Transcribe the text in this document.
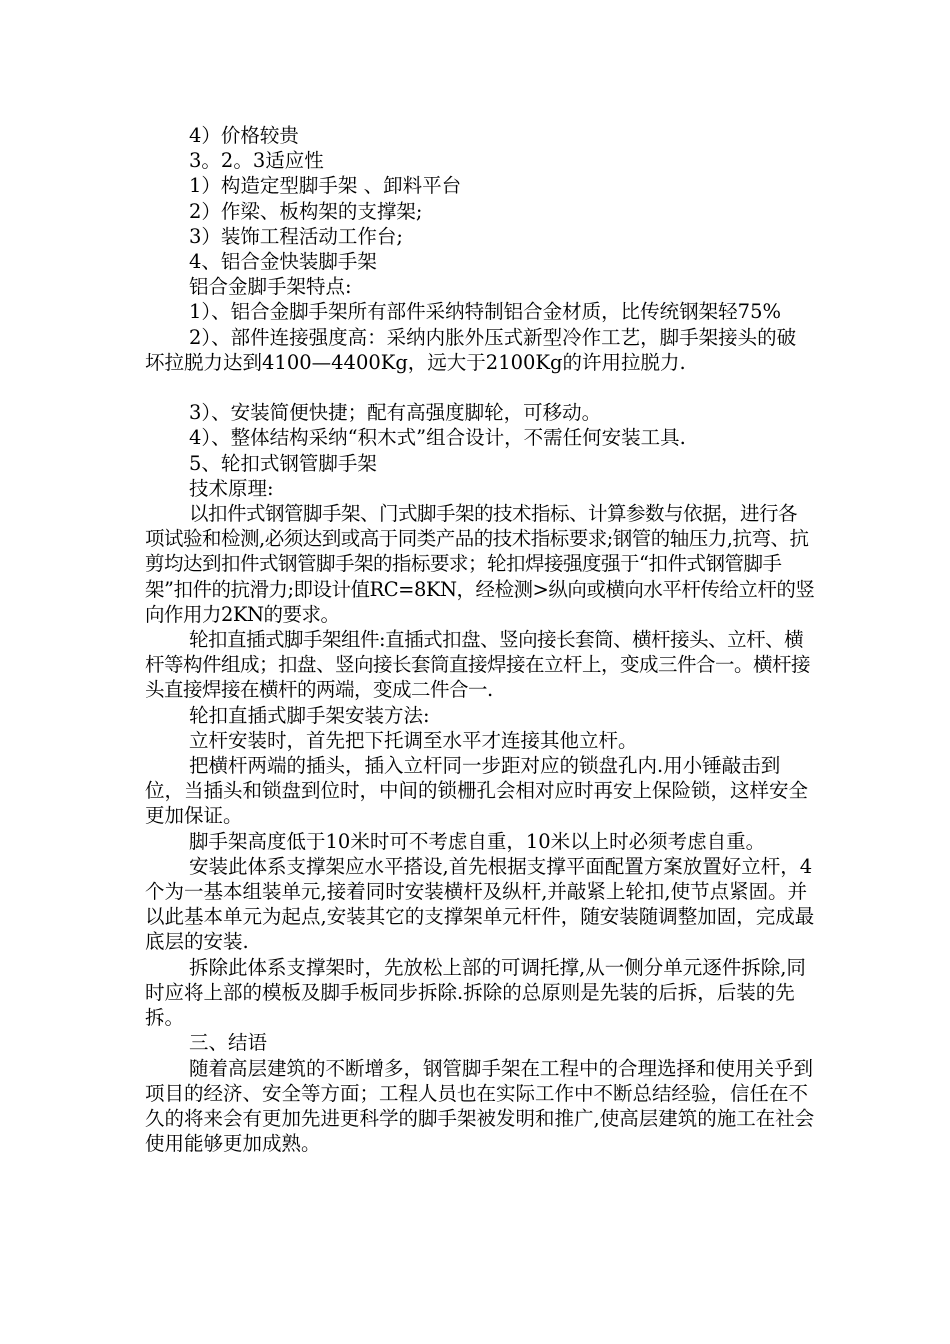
4）价格较贵

3。2。3适应性

1）构造定型脚手架 、卸料平台

2）作梁、板构架的支撑架;

3）装饰工程活动工作台;

4、铝合金快装脚手架

铝合金脚手架特点:

1）、铝合金脚手架所有部件采纳特制铝合金材质，比传统钢架轻75%

2）、部件连接强度高：采纳内胀外压式新型冷作工艺，脚手架接头的破坏拉脱力达到4100—4400Kg，远大于2100Kg的许用拉脱力.

3）、安装简便快捷；配有高强度脚轮，可移动。

4）、整体结构采纳“积木式”组合设计，不需任何安装工具.

5、轮扣式钢管脚手架

技术原理:

以扣件式钢管脚手架、门式脚手架的技术指标、计算参数与依据，进行各项试验和检测,必须达到或高于同类产品的技术指标要求;钢管的轴压力,抗弯、抗剪均达到扣件式钢管脚手架的指标要求；轮扣焊接强度强于“扣件式钢管脚手架”扣件的抗滑力;即设计值RC=8KN，经检测>纵向或横向水平杆传给立杆的竖向作用力2KN的要求。

轮扣直插式脚手架组件:直插式扣盘、竖向接长套筒、横杆接头、立杆、横杆等构件组成；扣盘、竖向接长套筒直接焊接在立杆上，变成三件合一。横杆接头直接焊接在横杆的两端，变成二件合一.

轮扣直插式脚手架安装方法:

立杆安装时，首先把下托调至水平才连接其他立杆。

把横杆两端的插头，插入立杆同一步距对应的锁盘孔内.用小锤敲击到位，当插头和锁盘到位时，中间的锁栅孔会相对应时再安上保险锁，这样安全更加保证。

脚手架高度低于10米时可不考虑自重，10米以上时必须考虑自重。

安装此体系支撑架应水平搭设,首先根据支撑平面配置方案放置好立杆，4个为一基本组装单元,接着同时安装横杆及纵杆,并敲紧上轮扣,使节点紧固。并以此基本单元为起点,安装其它的支撑架单元杆件，随安装随调整加固，完成最底层的安装.

拆除此体系支撑架时，先放松上部的可调托撑,从一侧分单元逐件拆除,同时应将上部的模板及脚手板同步拆除.拆除的总原则是先装的后拆，后装的先拆。

三、结语

随着高层建筑的不断增多，钢管脚手架在工程中的合理选择和使用关乎到项目的经济、安全等方面；工程人员也在实际工作中不断总结经验，信任在不久的将来会有更加先进更科学的脚手架被发明和推广,使高层建筑的施工在社会使用能够更加成熟。
